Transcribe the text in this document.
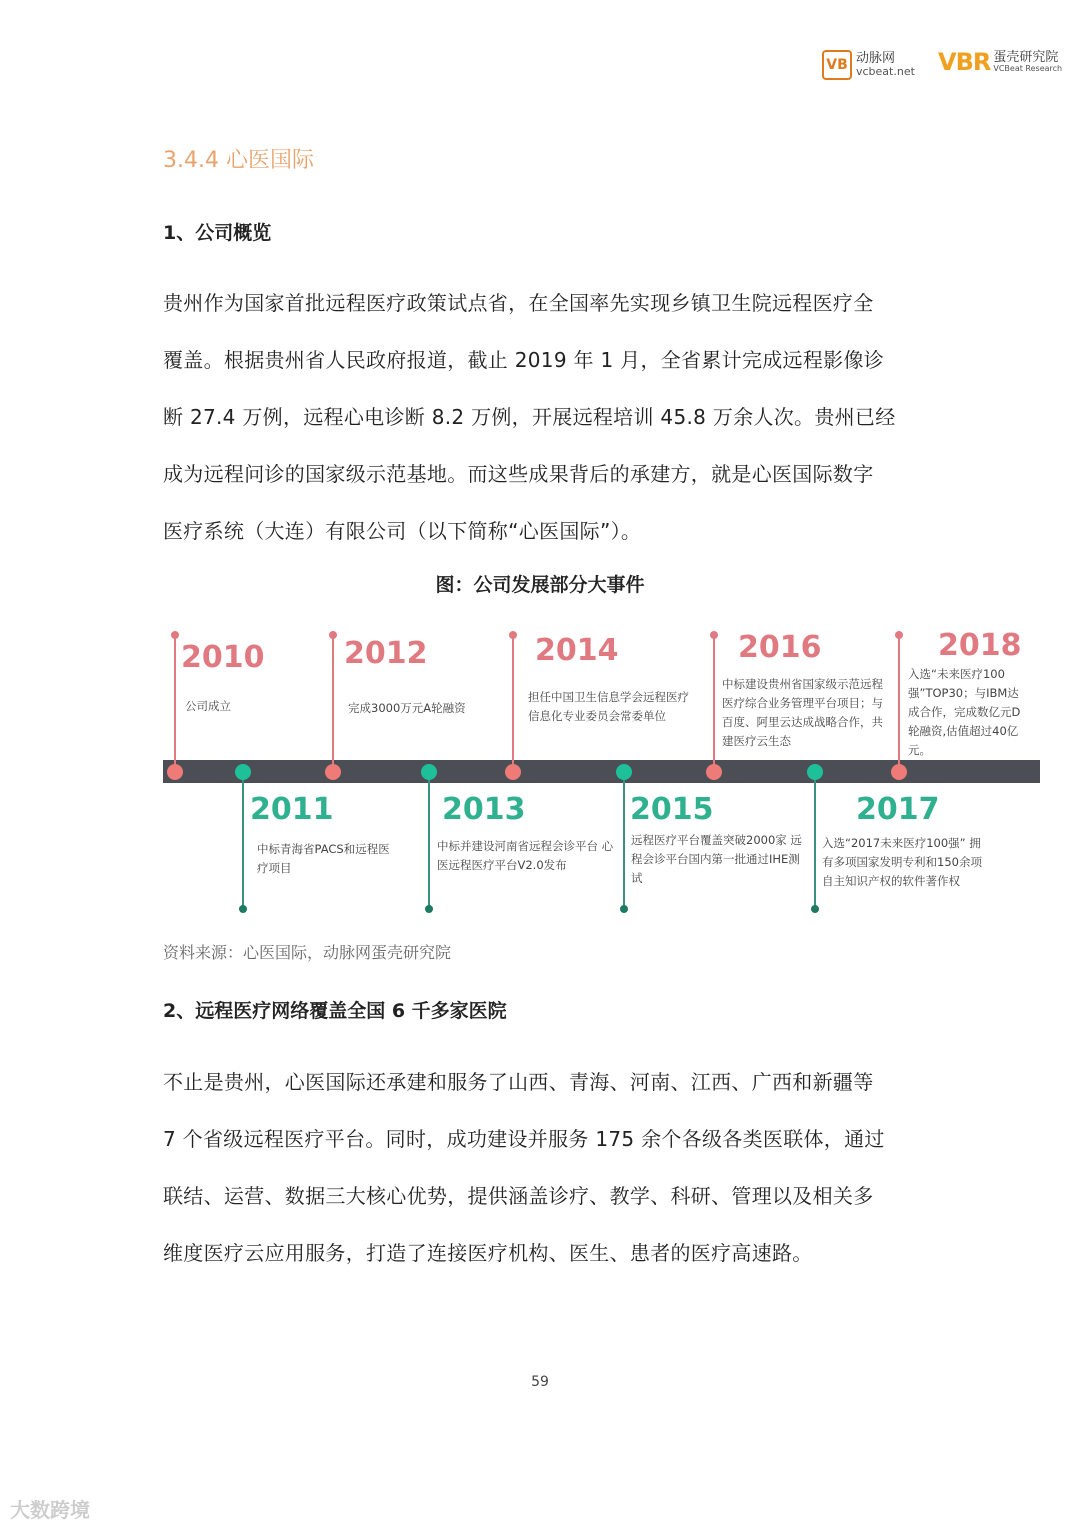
VB 动脉网
vcbeat.net VBR 蛋壳研究院
VCBeat Research
3.4.4 心医国际
1、公司概览
贵州作为国家首批远程医疗政策试点省，在全国率先实现乡镇卫生院远程医疗全
覆盖。根据贵州省人民政府报道，截止 2019 年 1 月，全省累计完成远程影像诊
断 27.4 万例，远程心电诊断 8.2 万例，开展远程培训 45.8 万余人次。贵州已经
成为远程问诊的国家级示范基地。而这些成果背后的承建方，就是心医国际数字
医疗系统（大连）有限公司（以下简称“心医国际”）。
图：公司发展部分大事件
2010
公司成立
2011
中标青海省PACS和远程医疗项目
2012
完成3000万元A轮融资
2013
中标并建设河南省远程会诊平台 心医远程医疗平台V2.0发布
2014
担任中国卫生信息学会远程医疗信息化专业委员会常委单位
2015
远程医疗平台覆盖突破2000家 远程会诊平台国内第一批通过IHE测试
2016
中标建设贵州省国家级示范远程医疗综合业务管理平台项目；与百度、阿里云达成战略合作，共建医疗云生态
2017
入选“2017未来医疗100强” 拥有多项国家发明专利和150余项自主知识产权的软件著作权
2018
入选“未来医疗100强”TOP30；与IBM达成合作，完成数亿元D轮融资,估值超过40亿元。
资料来源：心医国际，动脉网蛋壳研究院
2、远程医疗网络覆盖全国 6 千多家医院
不止是贵州，心医国际还承建和服务了山西、青海、河南、江西、广西和新疆等
7 个省级远程医疗平台。同时，成功建设并服务 175 余个各级各类医联体，通过
联结、运营、数据三大核心优势，提供涵盖诊疗、教学、科研、管理以及相关多
维度医疗云应用服务，打造了连接医疗机构、医生、患者的医疗高速路。
59
大数跨境
